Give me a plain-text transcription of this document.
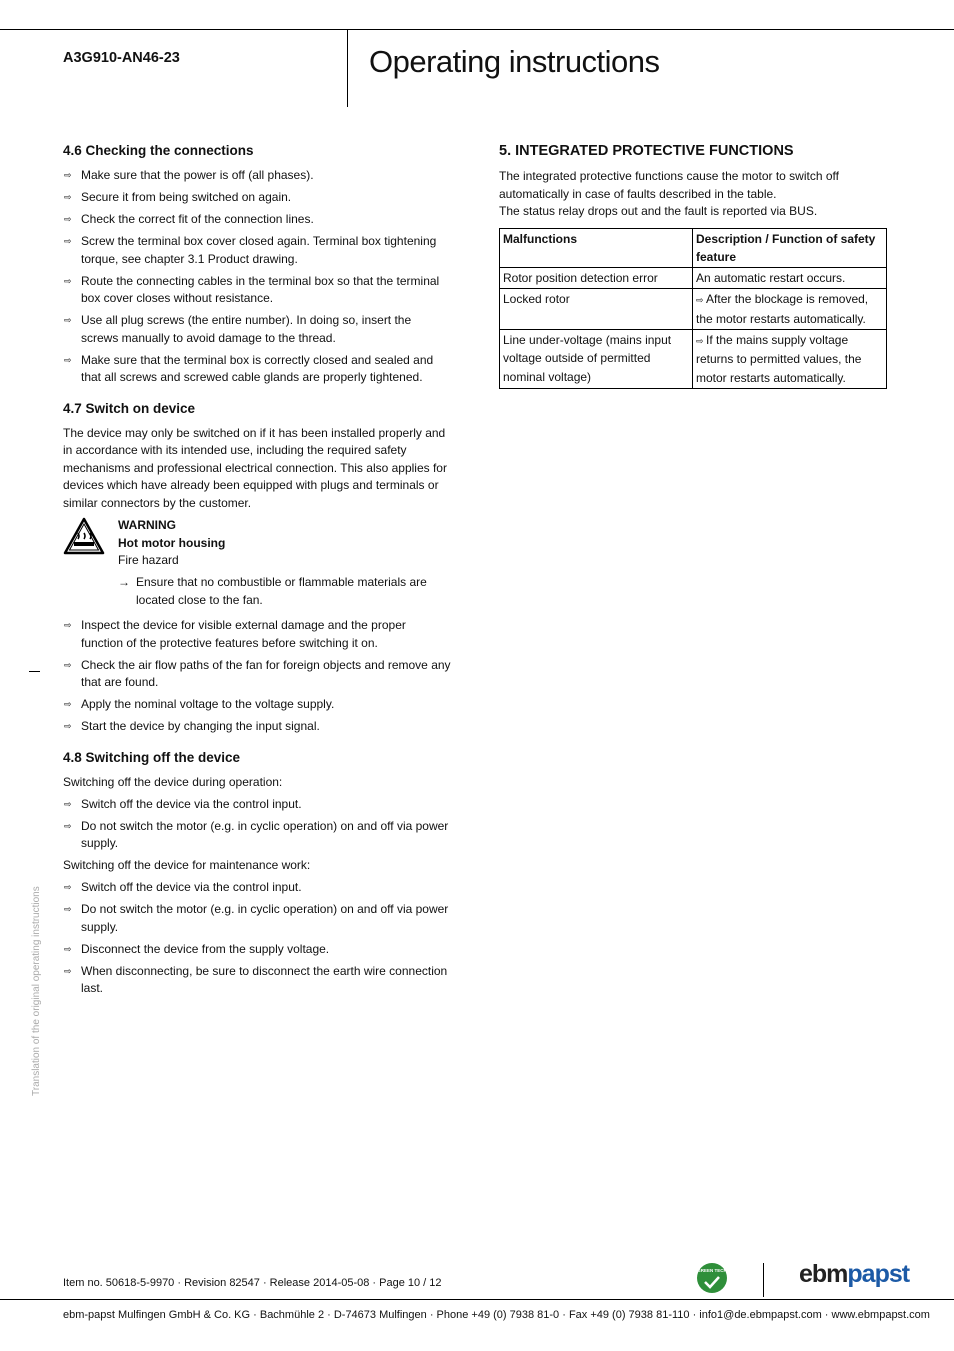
A3G910-AN46-23	Operating instructions
4.6 Checking the connections
⇨ Make sure that the power is off (all phases).
⇨ Secure it from being switched on again.
⇨ Check the correct fit of the connection lines.
⇨ Screw the terminal box cover closed again. Terminal box tightening torque, see chapter 3.1 Product drawing.
⇨ Route the connecting cables in the terminal box so that the terminal box cover closes without resistance.
⇨ Use all plug screws (the entire number). In doing so, insert the screws manually to avoid damage to the thread.
⇨ Make sure that the terminal box is correctly closed and sealed and that all screws and screwed cable glands are properly tightened.
4.7 Switch on device
The device may only be switched on if it has been installed properly and in accordance with its intended use, including the required safety mechanisms and professional electrical connection. This also applies for devices which have already been equipped with plugs and terminals or similar connectors by the customer.
WARNING
Hot motor housing
Fire hazard
→ Ensure that no combustible or flammable materials are located close to the fan.
⇨ Inspect the device for visible external damage and the proper function of the protective features before switching it on.
⇨ Check the air flow paths of the fan for foreign objects and remove any that are found.
⇨ Apply the nominal voltage to the voltage supply.
⇨ Start the device by changing the input signal.
4.8 Switching off the device
Switching off the device during operation:
⇨ Switch off the device via the control input.
⇨ Do not switch the motor (e.g. in cyclic operation) on and off via power supply.
Switching off the device for maintenance work:
⇨ Switch off the device via the control input.
⇨ Do not switch the motor (e.g. in cyclic operation) on and off via power supply.
⇨ Disconnect the device from the supply voltage.
⇨ When disconnecting, be sure to disconnect the earth wire connection last.
5. INTEGRATED PROTECTIVE FUNCTIONS
The integrated protective functions cause the motor to switch off automatically in case of faults described in the table.
The status relay drops out and the fault is reported via BUS.
Malfunctions	Description / Function of safety feature
Rotor position detection error	An automatic restart occurs.
Locked rotor	⇨ After the blockage is removed, the motor restarts automatically.
Line under-voltage (mains input voltage outside of permitted nominal voltage)	⇨ If the mains supply voltage returns to permitted values, the motor restarts automatically.
Translation of the original operating instructions
Item no. 50618-5-9970 · Revision 82547 · Release 2014-05-08 · Page 10 / 12
GREEN TECH	ebmpapst
ebm-papst Mulfingen GmbH & Co. KG · Bachmühle 2 · D-74673 Mulfingen · Phone +49 (0) 7938 81-0 · Fax +49 (0) 7938 81-110 · info1@de.ebmpapst.com · www.ebmpapst.com
